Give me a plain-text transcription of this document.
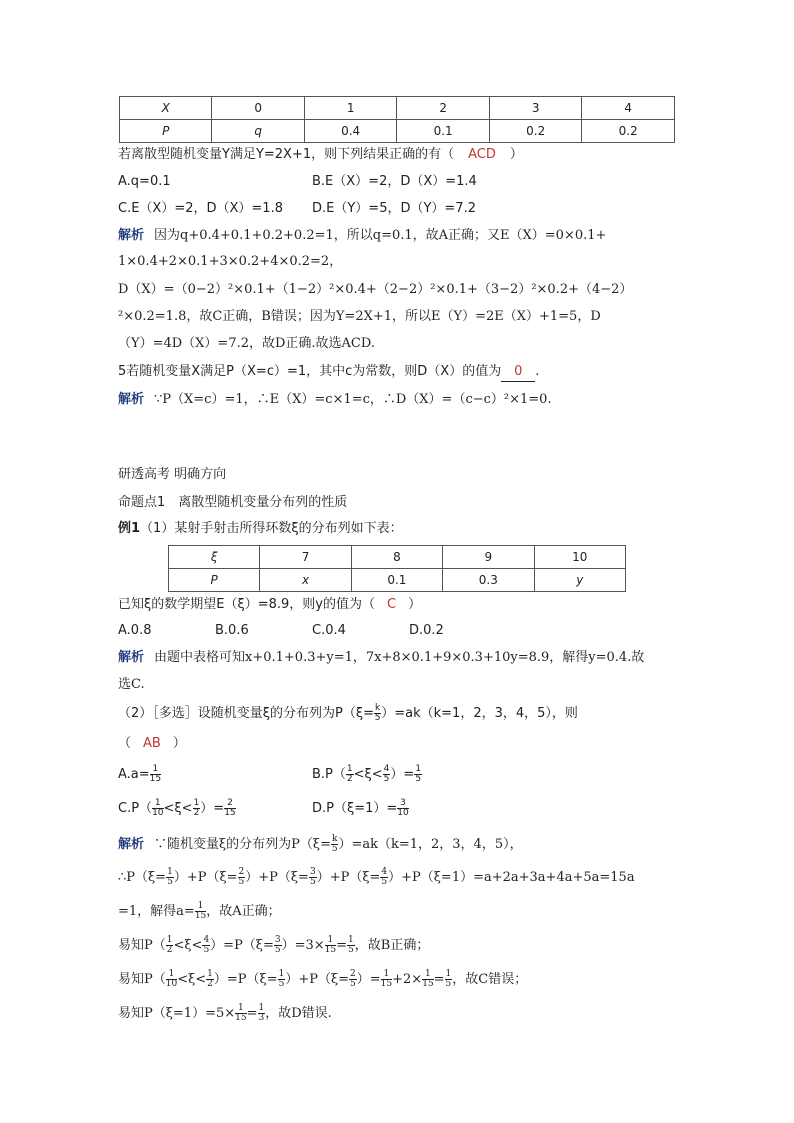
X	0	1	2	3	4
P	q	0.4	0.1	0.2	0.2
若离散型随机变量Y满足Y=2X+1，则下列结果正确的有（ ACD ）
A.q=0.1	B.E（X）=2，D（X）=1.4
C.E（X）=2，D（X）=1.8 D.E（Y）=5，D（Y）=7.2
解析 因为q+0.4+0.1+0.2+0.2=1，所以q=0.1，故A正确；又E（X）=0×0.1+
1×0.4+2×0.1+3×0.2+4×0.2=2，
D（X）=（0−2）²×0.1+（1−2）²×0.4+（2−2）²×0.1+（3−2）²×0.2+（4−2）
²×0.2=1.8，故C正确，B错误；因为Y=2X+1，所以E（Y）=2E（X）+1=5，D
（Y）=4D（X）=7.2，故D正确.故选ACD.
5若随机变量X满足P（X=c）=1，其中c为常数，则D（X）的值为 0 .
解析 ∵P（X=c）=1，∴E（X）=c×1=c，∴D（X）=（c−c）²×1=0.
研透高考 明确方向
命题点1　离散型随机变量分布列的性质
例1（1）某射手射击所得环数ξ的分布列如下表：
ξ	7	8	9	10
P	x	0.1	0.3	y
已知ξ的数学期望E（ξ）=8.9，则y的值为（ C ）
A.0.8	B.0.6	C.0.4	D.0.2
解析 由题中表格可知x+0.1+0.3+y=1，7x+8×0.1+9×0.3+10y=8.9，解得y=0.4.故
选C.
（2）［多选］设随机变量ξ的分布列为$P(\xi= \frac{k}{5} )=ak(k=1$，2，3，4，5），则
（ AB ）
$A.a= \frac{1}{15}$	$B.P( \frac{1}{2} <\xi< \frac{4}{5}$ ）= $\frac{1}{5}$
$C.P( \frac{1}{10} <\xi< \frac{1}{2}$ ）= $\frac{2}{15}$	$D.P(\xi=1)= \frac{3}{10}$
解析 ∵随机变量ξ的分布列为$P(\xi= \frac{k}{5} )=ak(k=1$，2，3，4，5），
∴P（ξ= $\frac{1}{5} )+P(\xi= \frac{2}{5} )+P(\xi= \frac{3}{5} )+P(\xi= \frac{4}{5} )+P(\xi=1)=a+2a+3a+4a+5a=15a$
=1，解得$a= \frac{1}{15}$ ，故A正确；
易知$P( \frac{1}{2} <\xi< \frac{4}{5} )=P(\xi= \frac{3}{5} )=3\times \frac{1}{15} = \frac{1}{5}$ ，故B正确；
易知$P( \frac{1}{10} <\xi< \frac{1}{2} )=P(\xi= \frac{1}{5} )+P(\xi= \frac{2}{5}$ ）= $\frac{1}{15} +2\times \frac{1}{15} = \frac{1}{5}$ ，故C错误；
易知$P(\xi=1)=5\times \frac{1}{15} = \frac{1}{3}$ ，故D错误.
